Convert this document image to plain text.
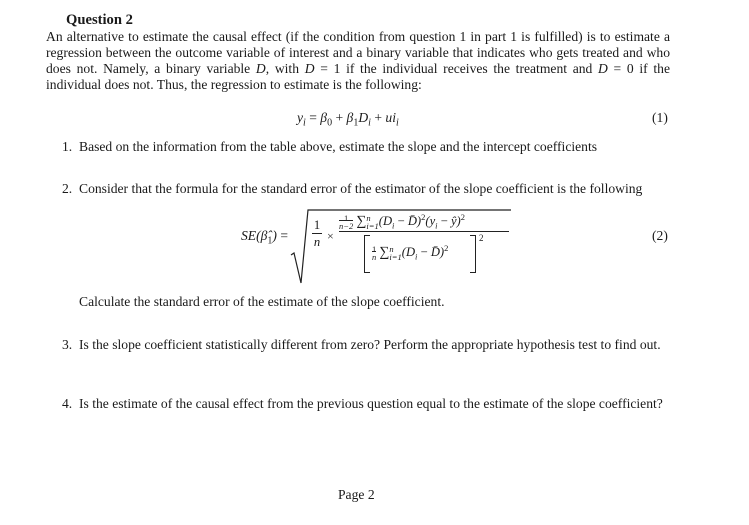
Question 2
An alternative to estimate the causal effect (if the condition from question 1 in part 1 is fulfilled) is to estimate a regression between the outcome variable of interest and a binary variable that indicates who gets treated and who does not. Namely, a binary variable D, with D = 1 if the individual receives the treatment and D = 0 if the individual does not. Thus, the regression to estimate is the following:
$y_i = \beta_0 + \beta_1D_i + ui_i$	(1)
1. Based on the information from the table above, estimate the slope and the intercept coefficients
2. Consider that the formula for the standard error of the estimator of the slope coefficient is the following
$SE(\betâ_1)$ =
1
n ×
1
n−2 ∑n
$i=1(D_i$ − $D̄)^2(y_i$ − ŷ)$^2$
1
n ∑n
$i=1(D_i$ − D̄)$^2$
2	(2)
Calculate the standard error of the estimate of the slope coefficient.
3. Is the slope coefficient statistically different from zero? Perform the appropriate hypothesis test to find out.
4. Is the estimate of the causal effect from the previous question equal to the estimate of the slope coefficient?
Page 2
